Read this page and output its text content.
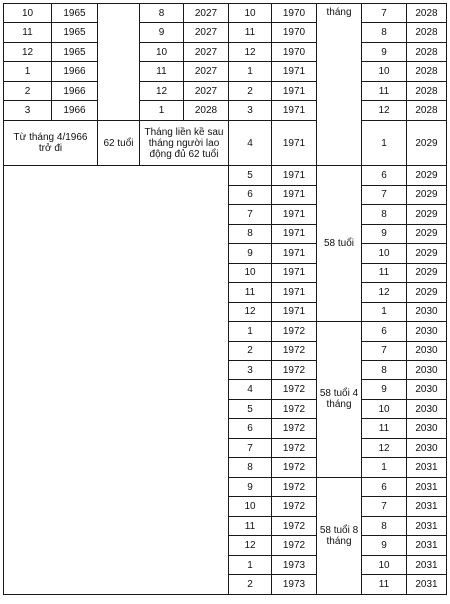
10	1965		8	2027	10	1970	tháng	7	2028
11	1965		9	2027	11	1970		8	2028
12	1965		10	2027	12	1970		9	2028
1	1966		11	2027	1	1971		10	2028
2	1966		12	2027	2	1971		11	2028
3	1966		1	2028	3	1971		12	2028
Từ tháng 4/1966 trở đi		62 tuổi	Tháng liền kề sau tháng người lao động đủ 62 tuổi		4	1971		1	2029
					5	1971	58 tuổi	6	2029
					6	1971		7	2029
					7	1971		8	2029
					8	1971		9	2029
					9	1971		10	2029
					10	1971		11	2029
					11	1971		12	2029
					12	1971		1	2030
					1	1972	58 tuổi 4 tháng	6	2030
					2	1972		7	2030
					3	1972		8	2030
					4	1972		9	2030
					5	1972		10	2030
					6	1972		11	2030
					7	1972		12	2030
					8	1972		1	2031
					9	1972	58 tuổi 8 tháng	6	2031
					10	1972		7	2031
					11	1972		8	2031
					12	1972		9	2031
					1	1973		10	2031
					2	1973		11	2031
